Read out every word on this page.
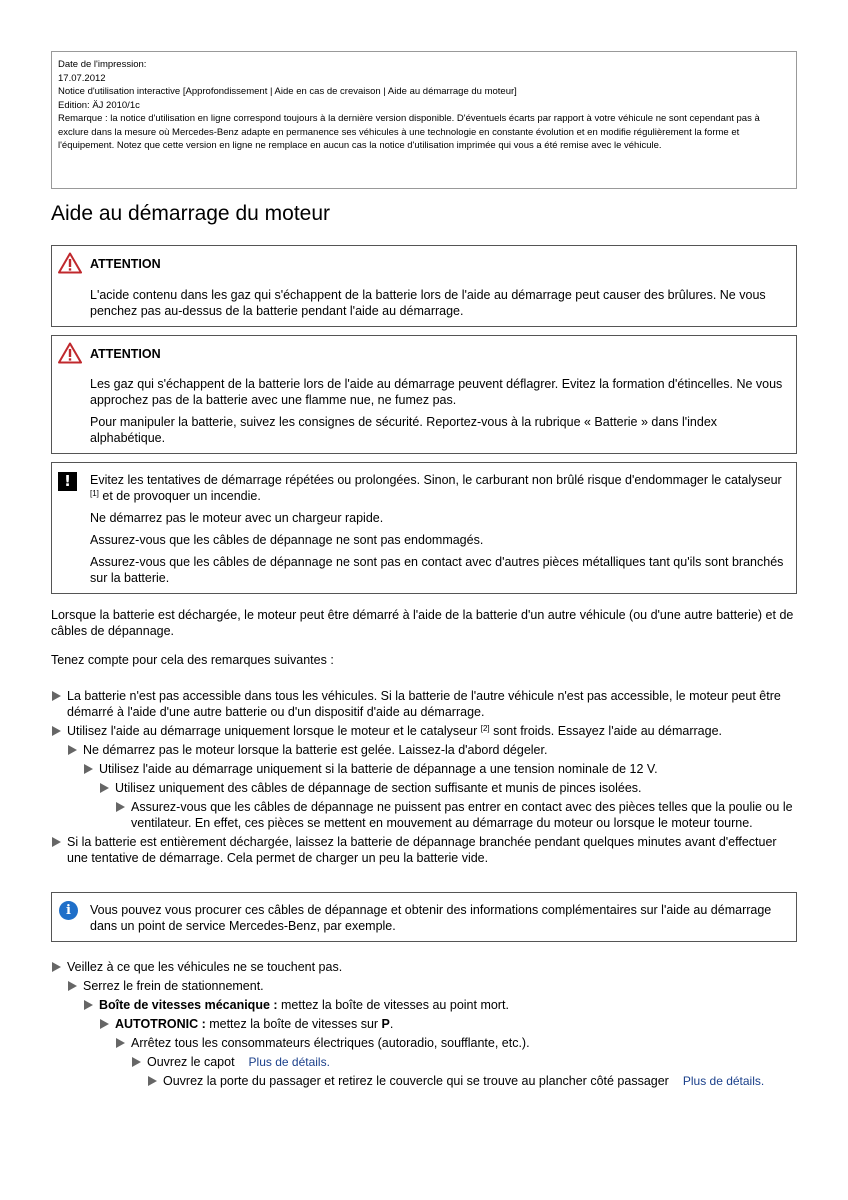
Date de l'impression:
17.07.2012
Notice d'utilisation interactive [Approfondissement | Aide en cas de crevaison | Aide au démarrage du moteur]
Edition: ÄJ 2010/1c
Remarque : la notice d'utilisation en ligne correspond toujours à la dernière version disponible. D'éventuels écarts par rapport à votre véhicule ne sont cependant pas à exclure dans la mesure où Mercedes-Benz adapte en permanence ses véhicules à une technologie en constante évolution et en modifie régulièrement la forme et l'équipement. Notez que cette version en ligne ne remplace en aucun cas la notice d'utilisation imprimée qui vous a été remise avec le véhicule.
Aide au démarrage du moteur
ATTENTION

L'acide contenu dans les gaz qui s'échappent de la batterie lors de l'aide au démarrage peut causer des brûlures. Ne vous penchez pas au-dessus de la batterie pendant l'aide au démarrage.

ATTENTION

Les gaz qui s'échappent de la batterie lors de l'aide au démarrage peuvent déflagrer. Evitez la formation d'étincelles. Ne vous approchez pas de la batterie avec une flamme nue, ne fumez pas.

Pour manipuler la batterie, suivez les consignes de sécurité. Reportez-vous à la rubrique « Batterie » dans l'index alphabétique.

!	Evitez les tentatives de démarrage répétées ou prolongées. Sinon, le carburant non brûlé risque d'endommager le catalyseur [1] et de provoquer un incendie.

Ne démarrez pas le moteur avec un chargeur rapide.

Assurez-vous que les câbles de dépannage ne sont pas endommagés.

Assurez-vous que les câbles de dépannage ne sont pas en contact avec d'autres pièces métalliques tant qu'ils sont branchés sur la batterie.

Lorsque la batterie est déchargée, le moteur peut être démarré à l'aide de la batterie d'un autre véhicule (ou d'une autre batterie) et de câbles de dépannage.
Tenez compte pour cela des remarques suivantes :
La batterie n'est pas accessible dans tous les véhicules. Si la batterie de l'autre véhicule n'est pas accessible, le moteur peut être démarré à l'aide d'une autre batterie ou d'un dispositif d'aide au démarrage.
Utilisez l'aide au démarrage uniquement lorsque le moteur et le catalyseur [2] sont froids. Essayez l'aide au démarrage.
Ne démarrez pas le moteur lorsque la batterie est gelée. Laissez-la d'abord dégeler.
Utilisez l'aide au démarrage uniquement si la batterie de dépannage a une tension nominale de 12 V.
Utilisez uniquement des câbles de dépannage de section suffisante et munis de pinces isolées.
Assurez-vous que les câbles de dépannage ne puissent pas entrer en contact avec des pièces telles que la poulie ou le ventilateur. En effet, ces pièces se mettent en mouvement au démarrage du moteur ou lorsque le moteur tourne.
Si la batterie est entièrement déchargée, laissez la batterie de dépannage branchée pendant quelques minutes avant d'effectuer une tentative de démarrage. Cela permet de charger un peu la batterie vide.
i	Vous pouvez vous procurer ces câbles de dépannage et obtenir des informations complémentaires sur l'aide au démarrage dans un point de service Mercedes-Benz, par exemple.

Veillez à ce que les véhicules ne se touchent pas.
Serrez le frein de stationnement.
Boîte de vitesses mécanique : mettez la boîte de vitesses au point mort.
AUTOTRONIC : mettez la boîte de vitesses sur P.
Arrêtez tous les consommateurs électriques (autoradio, soufflante, etc.).
Ouvrez le capot Plus de détails.
Ouvrez la porte du passager et retirez le couvercle qui se trouve au plancher côté passager Plus de détails.
